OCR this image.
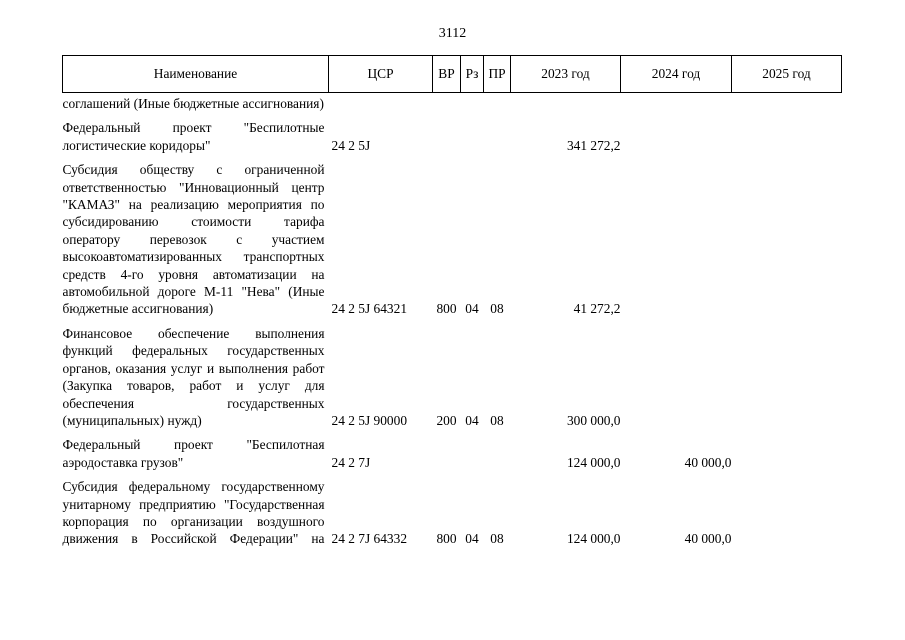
3112
Наименование	ЦСР	ВР	Рз	ПР	2023 год	2024 год	2025 год
соглашений (Иные бюджетные ассигнования)							
Федеральный проект "Беспилотные логистические коридоры"	24 2 5J				341 272,2		
Субсидия обществу с ограниченной ответственностью "Инновационный центр "КАМАЗ" на реализацию мероприятия по субсидированию стоимости тарифа оператору перевозок с участием высокоавтоматизированных транспортных средств 4-го уровня автоматизации на автомобильной дороге М-11 "Нева" (Иные бюджетные ассигнования)	24 2 5J 64321	800	04	08	41 272,2		
Финансовое обеспечение выполнения функций федеральных государственных органов, оказания услуг и выполнения работ (Закупка товаров, работ и услуг для обеспечения государственных (муниципальных) нужд)	24 2 5J 90000	200	04	08	300 000,0		
Федеральный проект "Беспилотная аэродоставка грузов"	24 2 7J				124 000,0	40 000,0	
Субсидия федеральному государственному унитарному предприятию "Государственная корпорация по организации воздушного движения в Российской Федерации" на	24 2 7J 64332	800	04	08	124 000,0	40 000,0	
